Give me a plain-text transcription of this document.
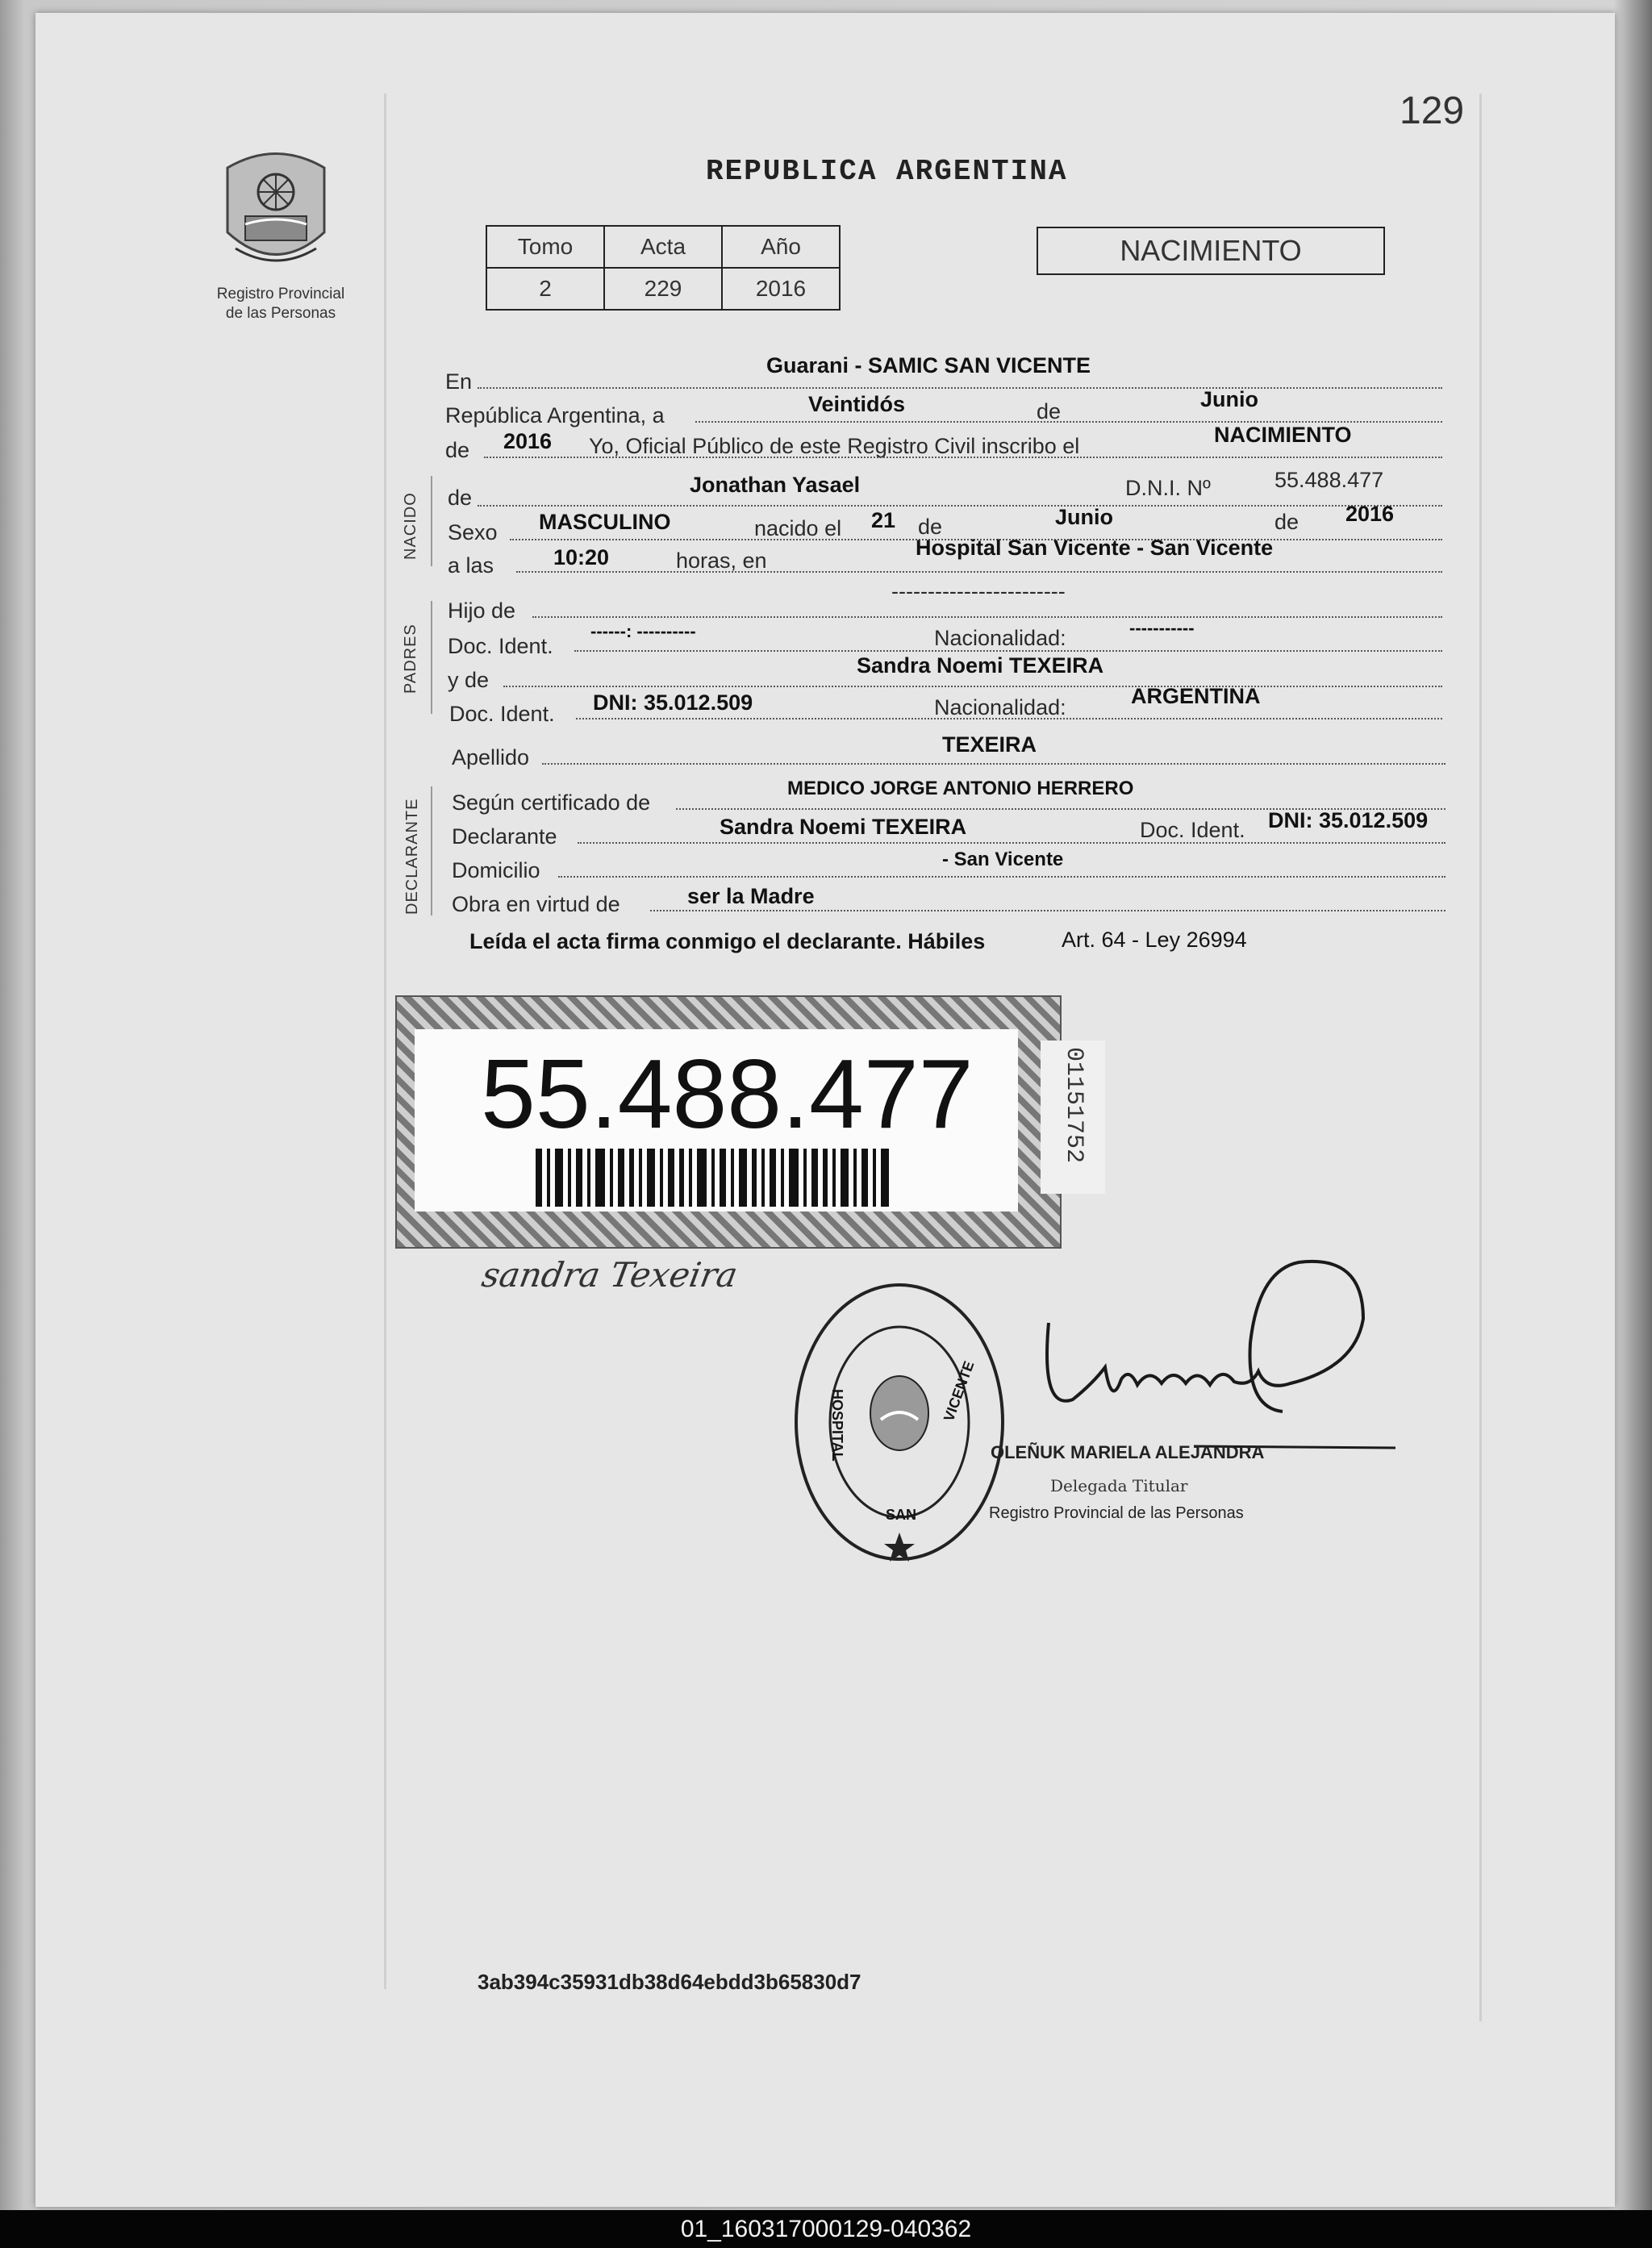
129
Registro Provincial
de las Personas
REPUBLICA ARGENTINA
Tomo	Acta	Año
2	229	2016
NACIMIENTO
En
Guarani - SAMIC SAN VICENTE
República Argentina, a	Veintidós	de	Junio
de 2016 Yo, Oficial Público de este Registro Civil inscribo el	NACIMIENTO
NACIDO de
Jonathan Yasael	D.N.I. Nº	55.488.477
Sexo MASCULINO	nacido el 21 de	Junio	de 2016
a las	10:20	horas, en
Hospital San Vicente - San Vicente
PADRES
Hijo de
------------------------
Doc. Ident.
------: ----------	Nacionalidad:	-----------
y de
Sandra Noemi TEXEIRA
Doc. Ident. DNI: 35.012.509	Nacionalidad:	ARGENTINA
Apellido
TEXEIRA
DECLARANTE Según certificado de
MEDICO JORGE ANTONIO HERRERO
Declarante	Sandra Noemi TEXEIRA	Doc. Ident. DNI: 35.012.509
Domicilio	- San Vicente
Obra en virtud de	ser la Madre
Leída el acta firma conmigo el declarante. Hábiles	Art. 64 - Ley 26994
55.488.477	01151752
sandra Texeira
HOSPITAL	VICENTE
SAN
OLEÑUK MARIELA ALEJANDRA
Delegada Titular
Registro Provincial de las Personas
3ab394c35931db38d64ebdd3b65830d7
01_160317000129-040362
